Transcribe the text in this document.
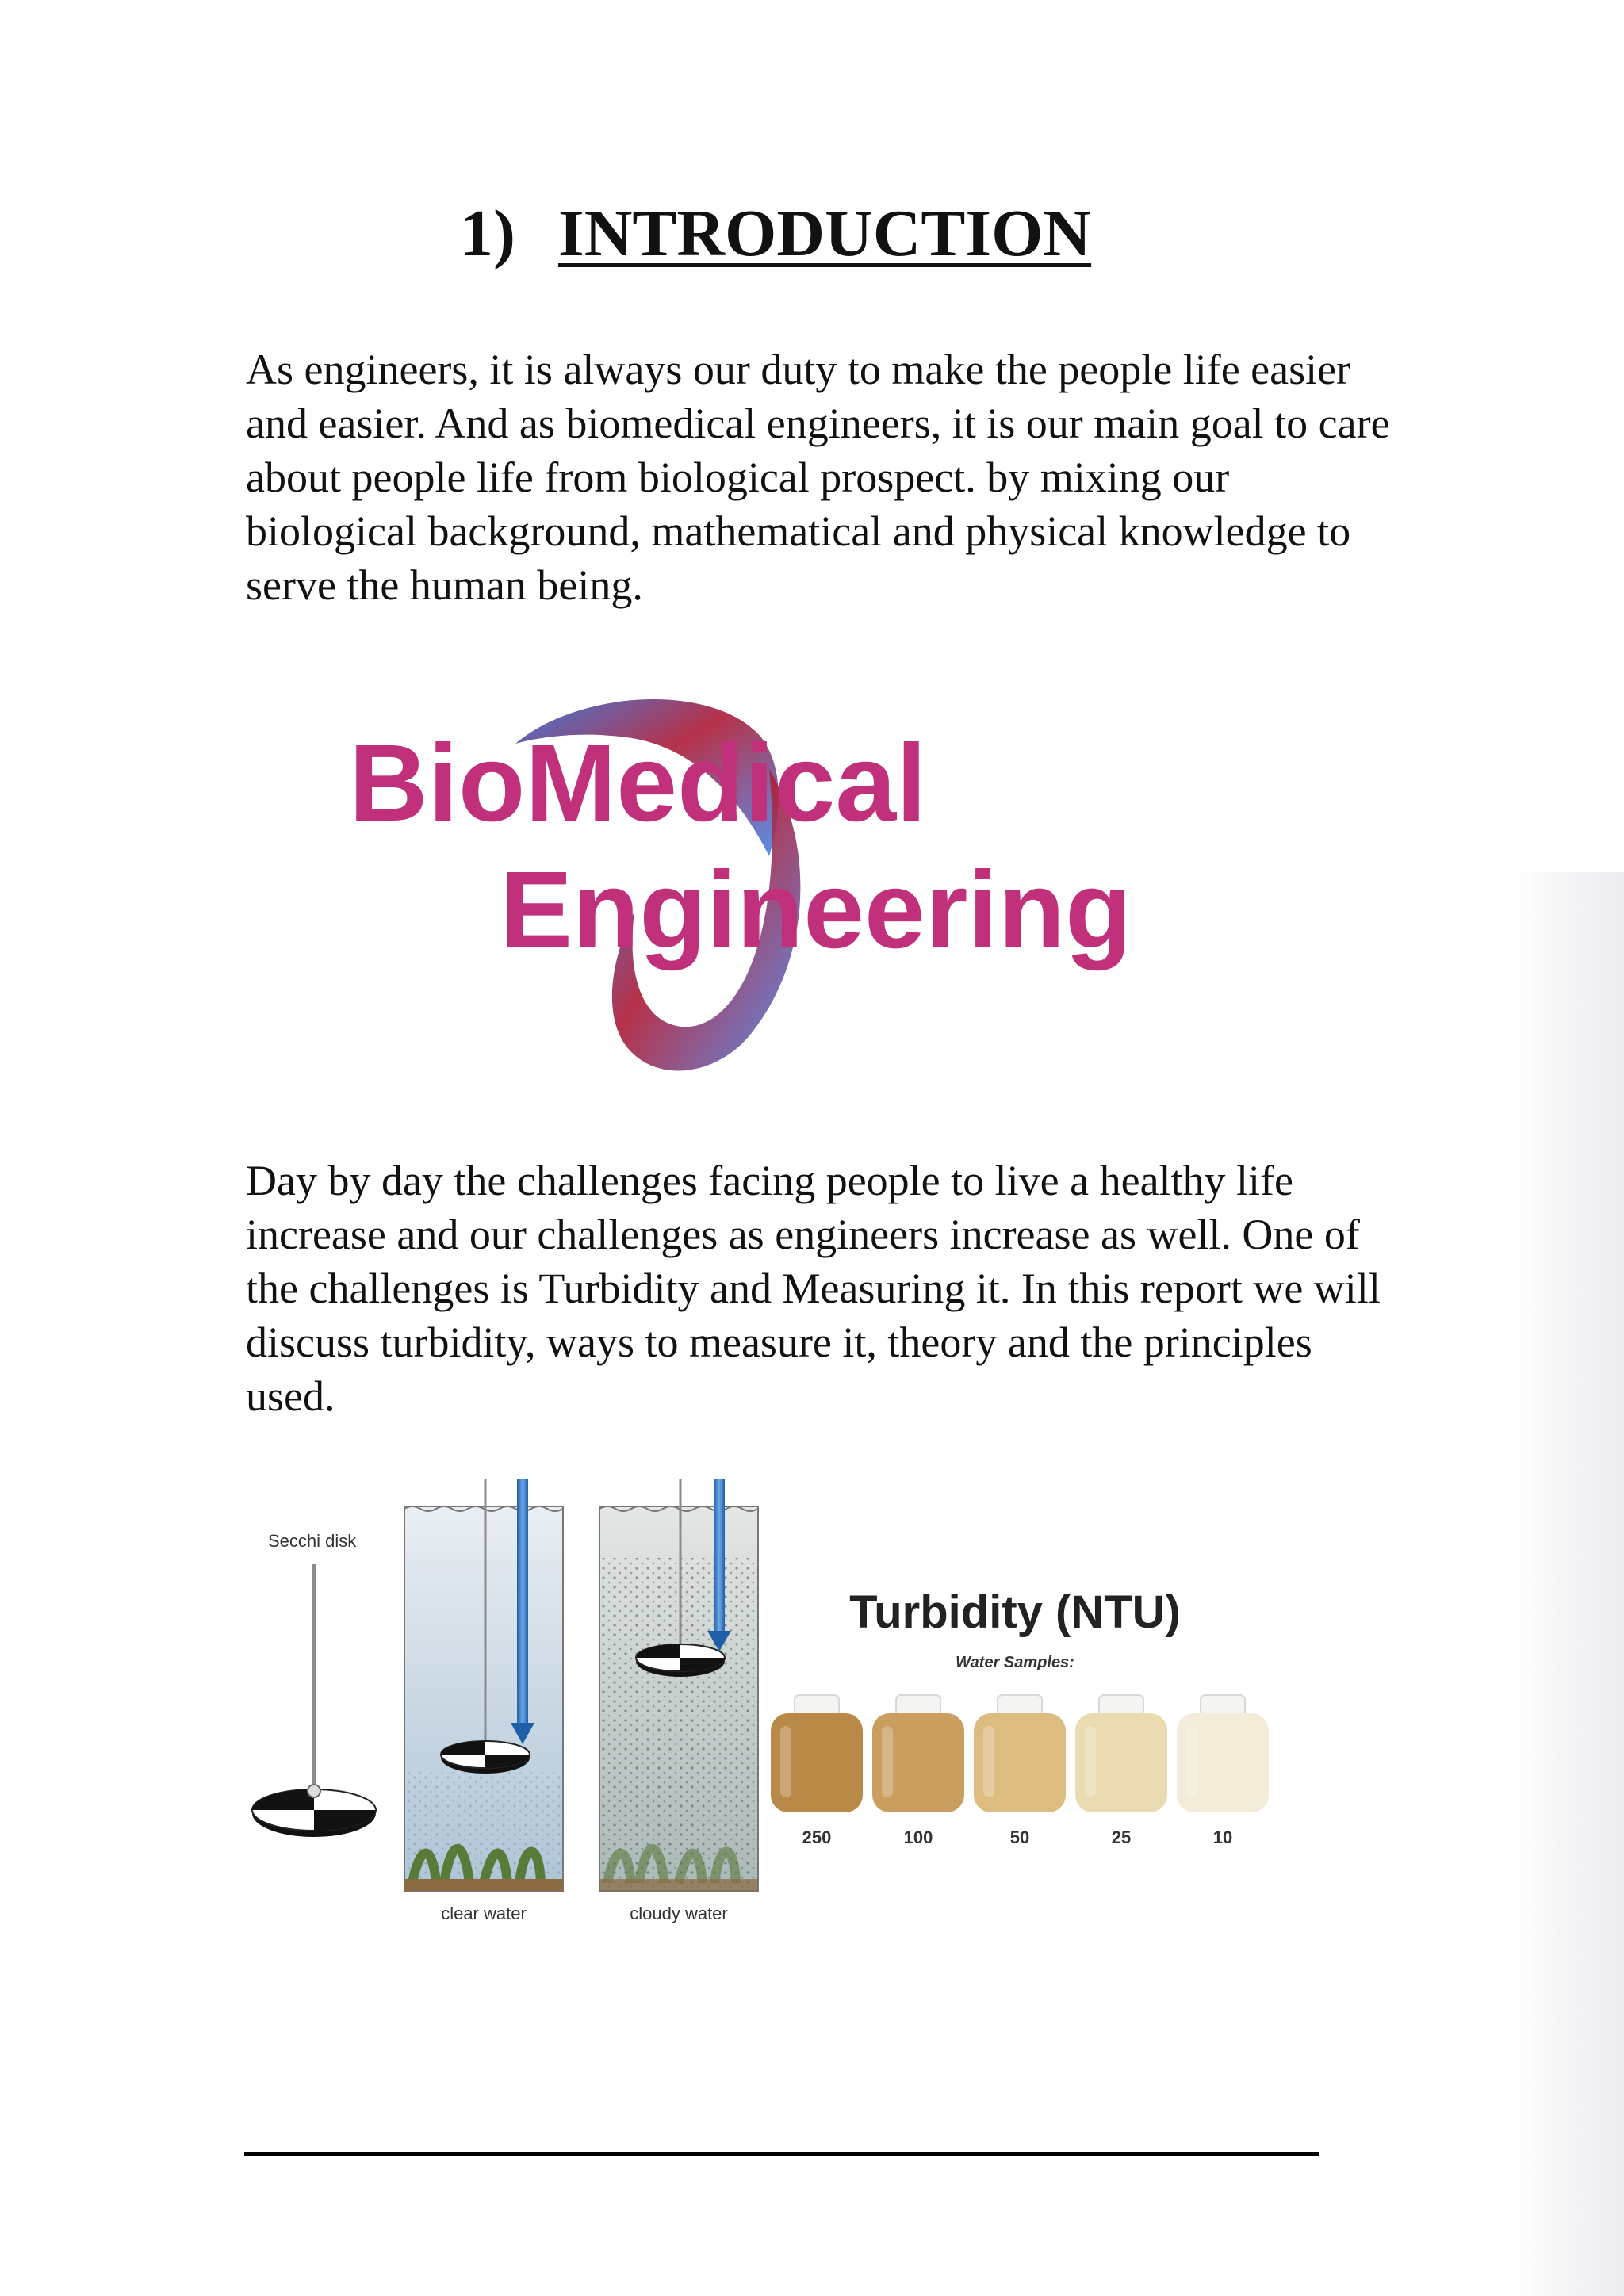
1) INTRODUCTION

As engineers, it is always our duty to make the people life easier and easier. And as biomedical engineers, it is our main goal to care about people life from biological prospect. by mixing our biological background, mathematical and physical knowledge to serve the human being.

BioMedical
Engineering

Day by day the challenges facing people to live a healthy life increase and our challenges as engineers increase as well. One of the challenges is Turbidity and Measuring it. In this report we will discuss turbidity, ways to measure it, theory and the principles used.

Secchi disk
clear water	cloudy water
Turbidity (NTU)
Water Samples:
250	100	50	25	10
